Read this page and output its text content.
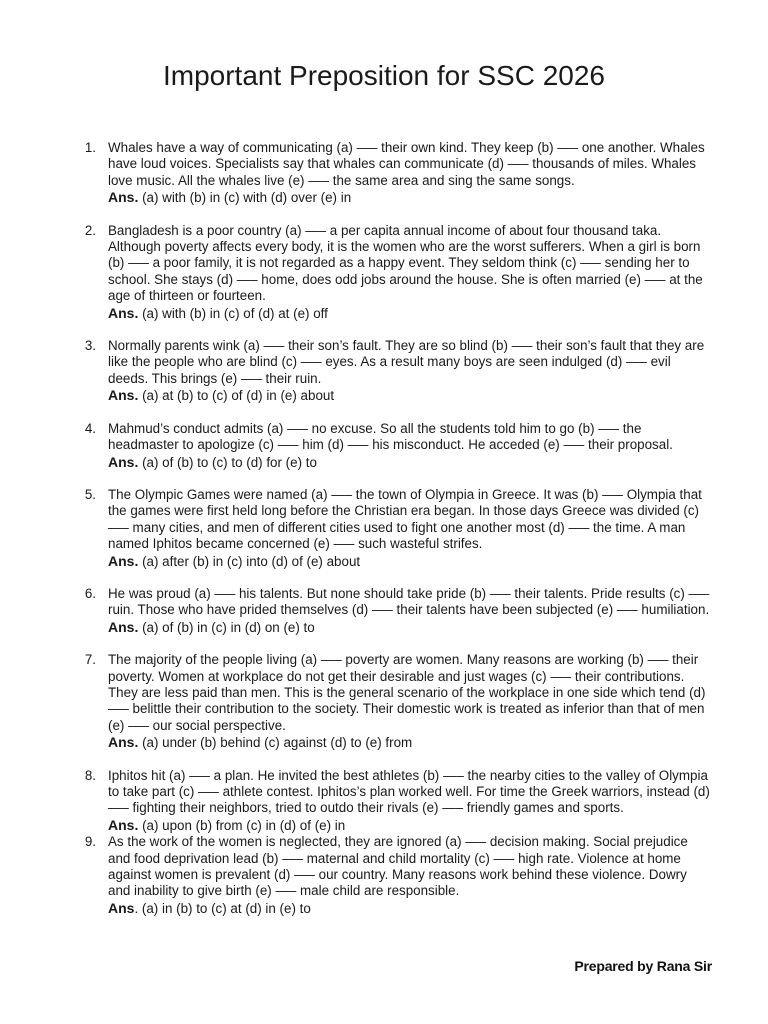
Important Preposition for SSC 2026
1. Whales have a way of communicating (a) —– their own kind. They keep (b) —– one another. Whales have loud voices. Specialists say that whales can communicate (d) —– thousands of miles. Whales love music. All the whales live (e) —– the same area and sing the same songs.
Ans. (a) with (b) in (c) with (d) over (e) in
2. Bangladesh is a poor country (a) —– a per capita annual income of about four thousand taka. Although poverty affects every body, it is the women who are the worst sufferers. When a girl is born (b) —– a poor family, it is not regarded as a happy event. They seldom think (c) —– sending her to school. She stays (d) —– home, does odd jobs around the house. She is often married (e) —– at the age of thirteen or fourteen.
Ans. (a) with (b) in (c) of (d) at (e) off
3. Normally parents wink (a) —– their son’s fault. They are so blind (b) —– their son’s fault that they are like the people who are blind (c) —– eyes. As a result many boys are seen indulged (d) —– evil deeds. This brings (e) —– their ruin.
Ans. (a) at (b) to (c) of (d) in (e) about
4. Mahmud’s conduct admits (a) —– no excuse. So all the students told him to go (b) —– the headmaster to apologize (c) —– him (d) —– his misconduct. He acceded (e) —– their proposal.
Ans. (a) of (b) to (c) to (d) for (e) to
5. The Olympic Games were named (a) —– the town of Olympia in Greece. It was (b) —– Olympia that the games were first held long before the Christian era began. In those days Greece was divided (c) —– many cities, and men of different cities used to fight one another most (d) —– the time. A man named Iphitos became concerned (e) —– such wasteful strifes.
Ans. (a) after (b) in (c) into (d) of (e) about
6. He was proud (a) —– his talents. But none should take pride (b) —– their talents. Pride results (c) —– ruin. Those who have prided themselves (d) —– their talents have been subjected (e) —– humiliation.
Ans. (a) of (b) in (c) in (d) on (e) to
7. The majority of the people living (a) —– poverty are women. Many reasons are working (b) —– their poverty. Women at workplace do not get their desirable and just wages (c) —– their contributions. They are less paid than men. This is the general scenario of the workplace in one side which tend (d) —– belittle their contribution to the society. Their domestic work is treated as inferior than that of men (e) —– our social perspective.
Ans. (a) under (b) behind (c) against (d) to (e) from
8. Iphitos hit (a) —– a plan. He invited the best athletes (b) —– the nearby cities to the valley of Olympia to take part (c) —– athlete contest. Iphitos’s plan worked well. For time the Greek warriors, instead (d) —– fighting their neighbors, tried to outdo their rivals (e) —– friendly games and sports.
Ans. (a) upon (b) from (c) in (d) of (e) in
9. As the work of the women is neglected, they are ignored (a) —– decision making. Social prejudice and food deprivation lead (b) —– maternal and child mortality (c) —– high rate. Violence at home against women is prevalent (d) —– our country. Many reasons work behind these violence. Dowry and inability to give birth (e) —– male child are responsible.
Ans. (a) in (b) to (c) at (d) in (e) to
Prepared by Rana Sir
